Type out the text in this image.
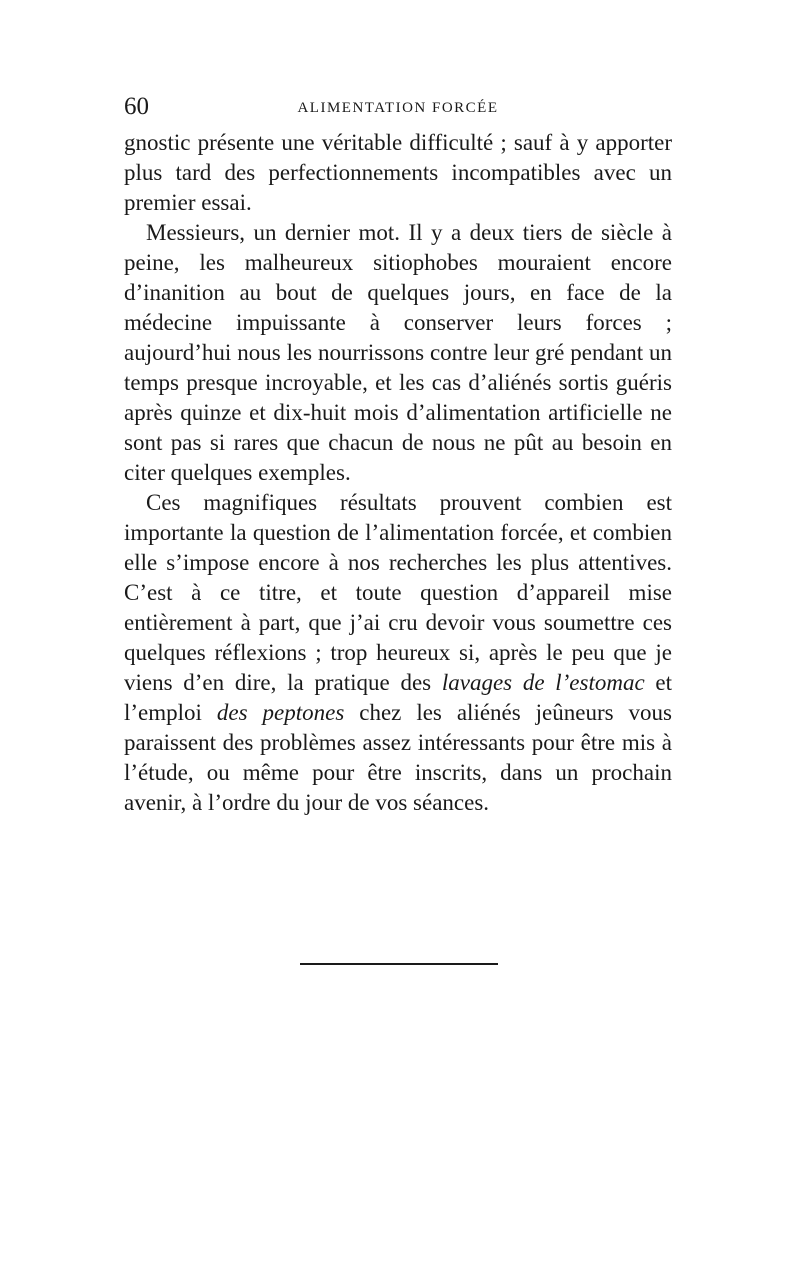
60	ALIMENTATION FORCÉE

gnostic présente une véritable difficulté ; sauf à y apporter plus tard des perfectionnements incompatibles avec un premier essai.

Messieurs, un dernier mot. Il y a deux tiers de siècle à peine, les malheureux sitiophobes mouraient encore d’inanition au bout de quelques jours, en face de la médecine impuissante à conserver leurs forces ; aujourd’hui nous les nourrissons contre leur gré pendant un temps presque incroyable, et les cas d’aliénés sortis guéris après quinze et dix-huit mois d’alimentation artificielle ne sont pas si rares que chacun de nous ne pût au besoin en citer quelques exemples.

Ces magnifiques résultats prouvent combien est importante la question de l’alimentation forcée, et combien elle s’impose encore à nos recherches les plus attentives. C’est à ce titre, et toute question d’appareil mise entièrement à part, que j’ai cru devoir vous soumettre ces quelques réflexions ; trop heureux si, après le peu que je viens d’en dire, la pratique des lavages de l’estomac et l’emploi des peptones chez les aliénés jeûneurs vous paraissent des problèmes assez intéressants pour être mis à l’étude, ou même pour être inscrits, dans un prochain avenir, à l’ordre du jour de vos séances.
